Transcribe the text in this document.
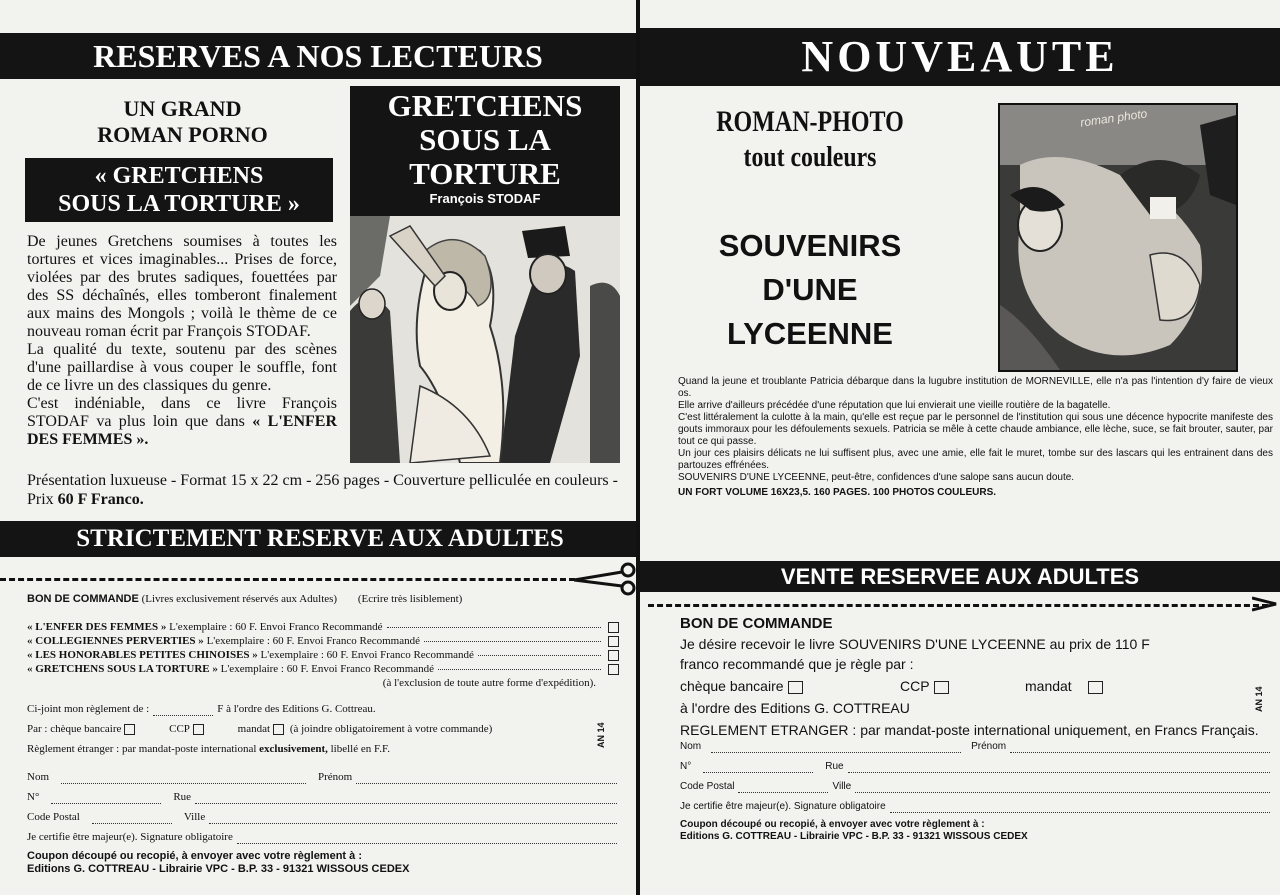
RESERVES A NOS LECTEURS
UN GRAND
ROMAN PORNO
« GRETCHENS
SOUS LA TORTURE »
De jeunes Gretchens soumises à toutes les tortures et vices imaginables... Prises de force, violées par des brutes sadiques, fouettées par des SS déchaînés, elles tomberont finalement aux mains des Mongols ; voilà le thème de ce nouveau roman écrit par François STODAF.
La qualité du texte, soutenu par des scènes d'une paillardise à vous couper le souffle, font de ce livre un des classiques du genre.
C'est indéniable, dans ce livre François STODAF va plus loin que dans « L'ENFER DES FEMMES ».
GRETCHENS
SOUS LA
TORTURE
François STODAF
Présentation luxueuse - Format 15 x 22 cm - 256 pages - Couverture pelliculée en couleurs - Prix 60 F Franco.
STRICTEMENT RESERVE AUX ADULTES
BON DE COMMANDE (Livres exclusivement réservés aux Adultes) (Ecrire très lisiblement)
« L'ENFER DES FEMMES »
L'exemplaire : 60 F. Envoi Franco Recommandé
« COLLEGIENNES PERVERTIES »
L'exemplaire : 60 F. Envoi Franco Recommandé
« LES HONORABLES PETITES CHINOISES »
L'exemplaire : 60 F. Envoi Franco Recommandé
« GRETCHENS SOUS LA TORTURE »
L'exemplaire : 60 F. Envoi Franco Recommandé
(à l'exclusion de toute autre forme d'expédition).
Ci-joint mon règlement de :	F à l'ordre des Editions G. Cottreau.
Par : chèque bancaire	CCP	mandat (à joindre obligatoirement à votre commande)
Règlement étranger : par mandat-poste international exclusivement, libellé en F.F.
Nom	Prénom
N°	Rue
Code Postal	Ville
Je certifie être majeur(e). Signature obligatoire
Coupon découpé ou recopié, à envoyer avec votre règlement à :
Editions G. COTTREAU - Librairie VPC - B.P. 33 - 91321 WISSOUS CEDEX
AN 14
NOUVEAUTE
ROMAN-PHOTO
tout couleurs
SOUVENIRS
D'UNE
LYCEENNE
roman photo
Quand la jeune et troublante Patricia débarque dans la lugubre institution de MORNEVILLE, elle n'a pas l'intention d'y faire de vieux os.
Elle arrive d'ailleurs précédée d'une réputation que lui envierait une vieille routière de la bagatelle.
C'est littéralement la culotte à la main, qu'elle est reçue par le personnel de l'institution qui sous une décence hypocrite manifeste des gouts immoraux pour les défoulements sexuels. Patricia se mêle à cette chaude ambiance, elle lèche, suce, se fait brouter, sauter, par tout ce qui passe.
Un jour ces plaisirs délicats ne lui suffisent plus, avec une amie, elle fait le muret, tombe sur des lascars qui les entrainent dans des partouzes effrénées.
SOUVENIRS D'UNE LYCEENNE, peut-être, confidences d'une salope sans aucun doute.
UN FORT VOLUME 16X23,5. 160 PAGES. 100 PHOTOS COULEURS.
VENTE RESERVEE AUX ADULTES
BON DE COMMANDE
Je désire recevoir le livre SOUVENIRS D'UNE LYCEENNE au prix de 110 F
franco recommandé que je règle par :
chèque bancaire	CCP	mandat
à l'ordre des Editions G. COTTREAU
REGLEMENT ETRANGER : par mandat-poste international uniquement, en Francs Français.
Nom	Prénom
N°	Rue
Code Postal	Ville
Je certifie être majeur(e). Signature obligatoire
Coupon découpé ou recopié, à envoyer avec votre règlement à :
Editions G. COTTREAU - Librairie VPC - B.P. 33 - 91321 WISSOUS CEDEX
AN 14
